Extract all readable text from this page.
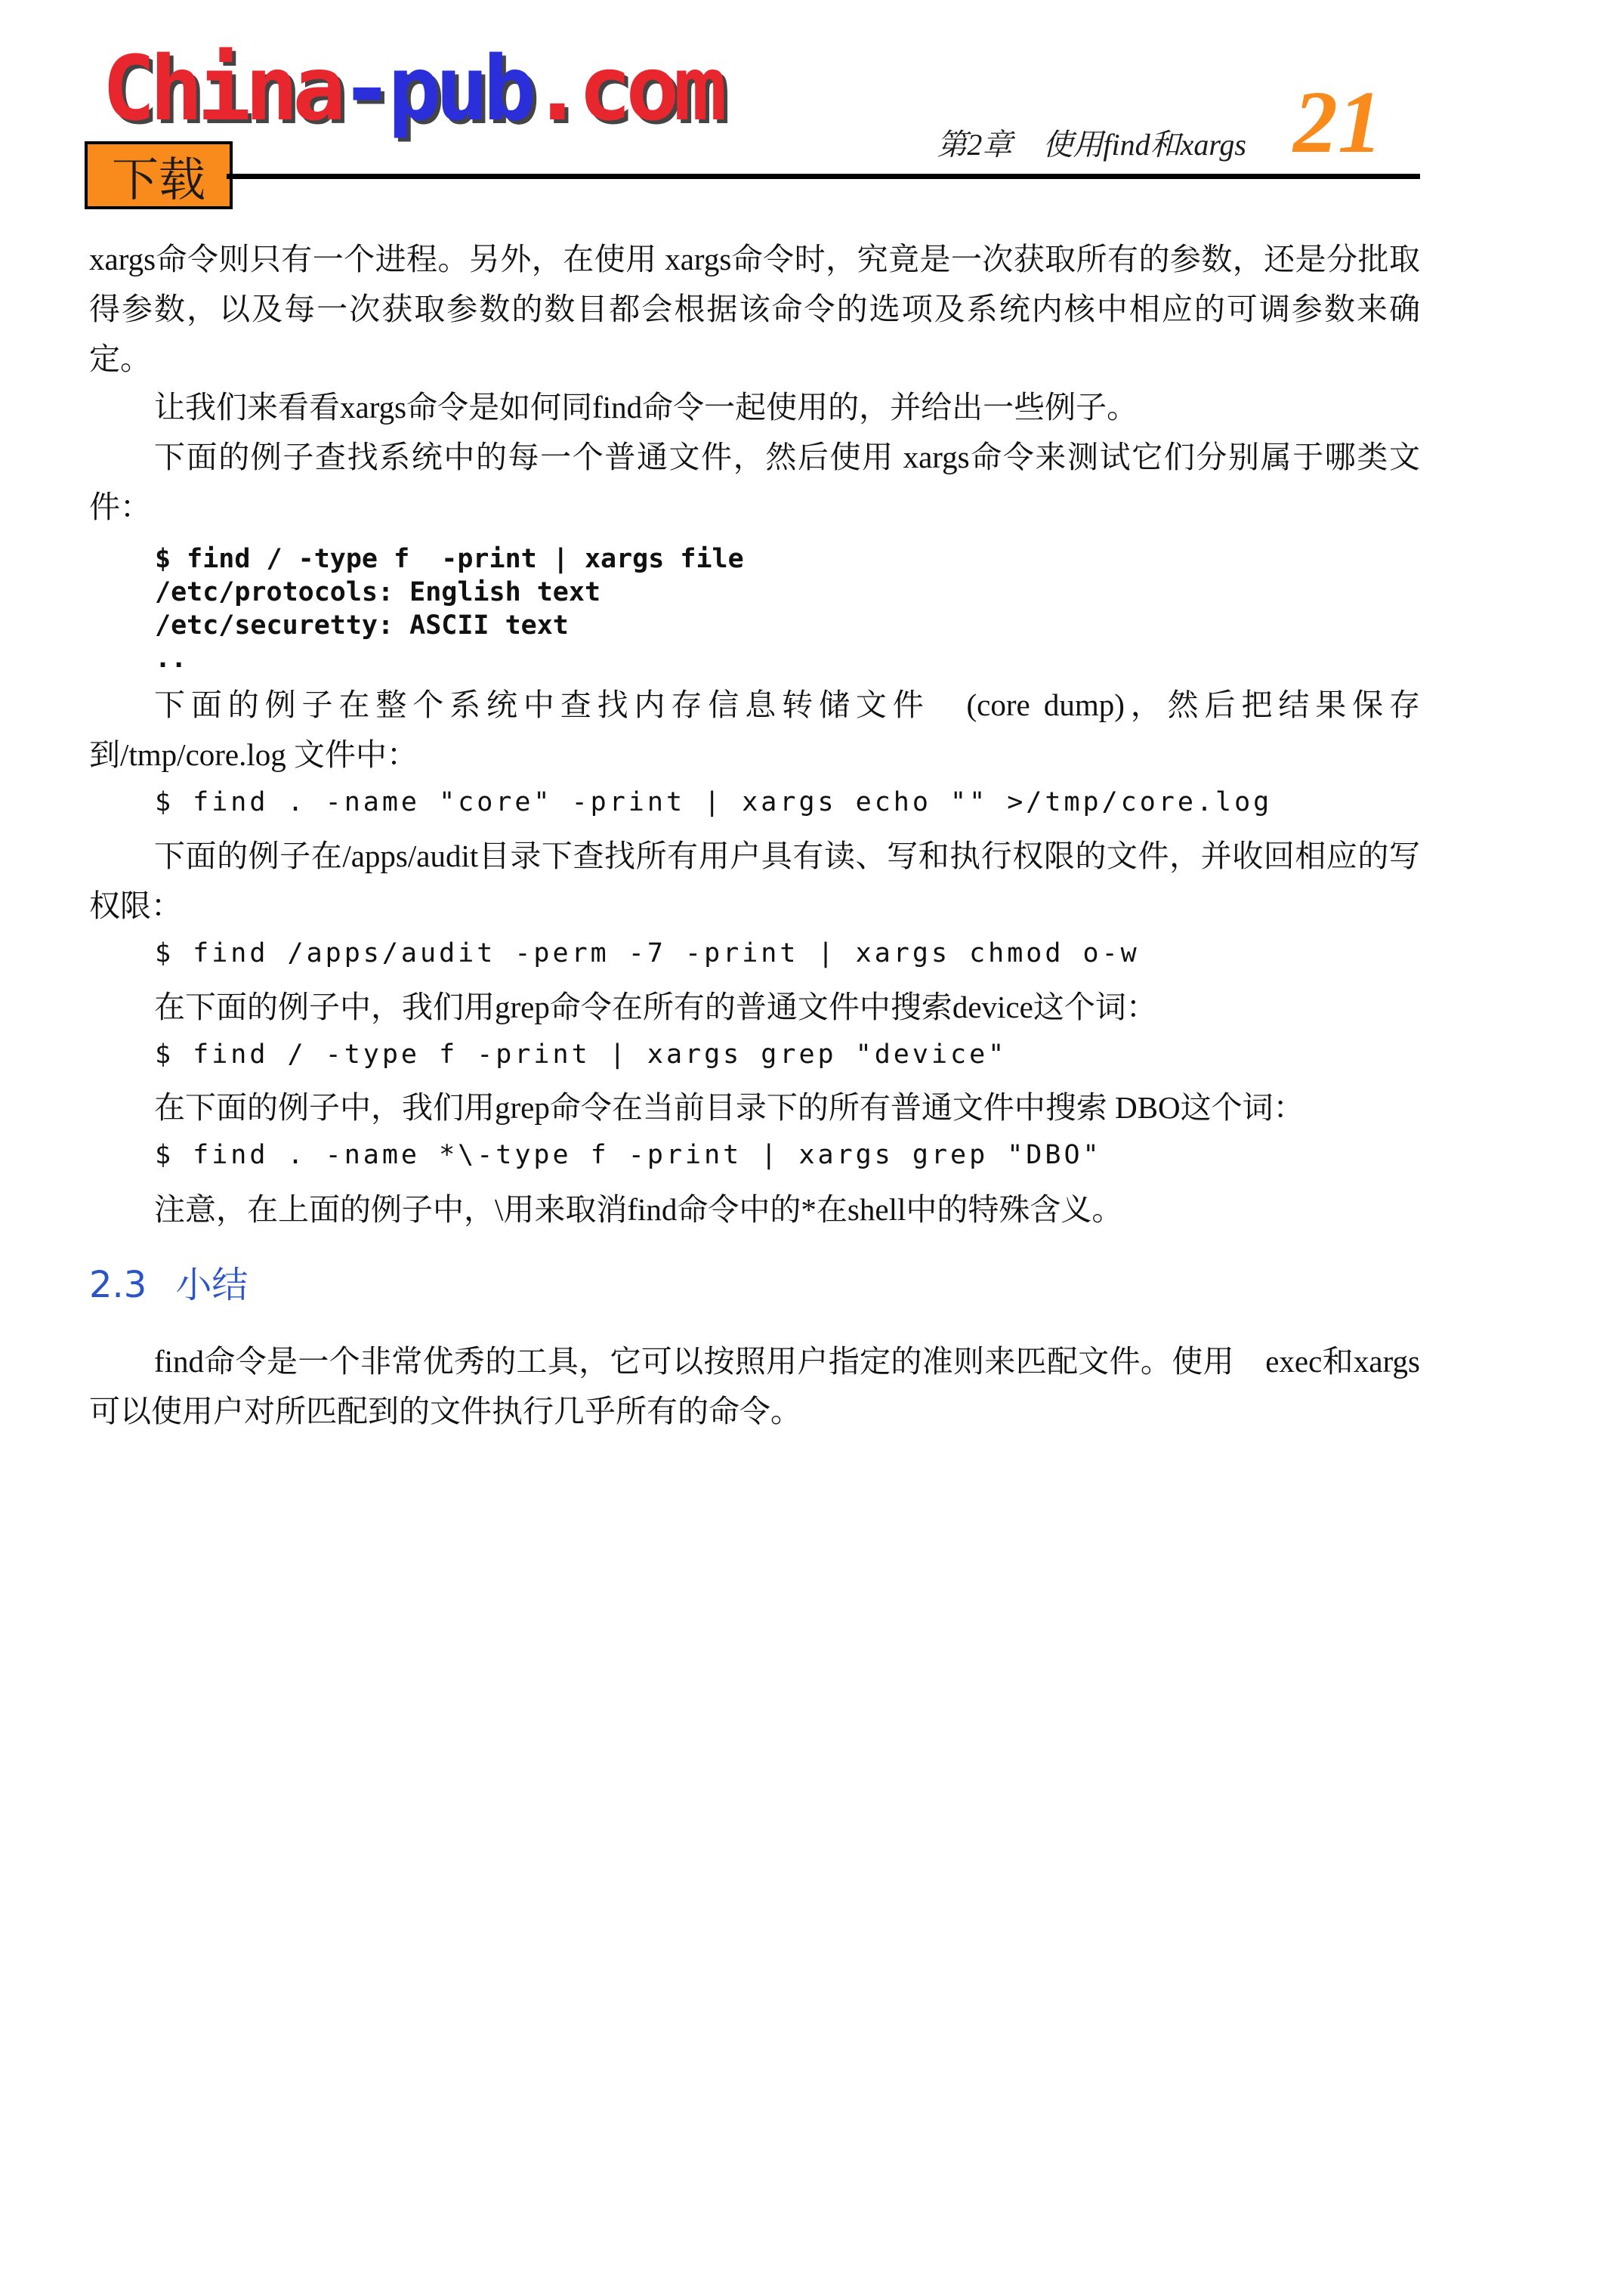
China-pub.com
下载
第2章　使用find和xargs 21

xargs命令则只有一个进程。另外，在使用 xargs命令时，究竟是一次获取所有的参数，还是分批取得参数，以及每一次获取参数的数目都会根据该命令的选项及系统内核中相应的可调参数来确定。

让我们来看看xargs命令是如何同find命令一起使用的，并给出一些例子。

下面的例子查找系统中的每一个普通文件，然后使用 xargs命令来测试它们分别属于哪类文件：

$ find / -type f  -print | xargs file
/etc/protocols: English text
/etc/securetty: ASCII text
..

下面的例子在整个系统中查找内存信息转储文件　(core dump)，然后把结果保存到/tmp/core.log 文件中：

$ find . -name "core" -print | xargs echo "" >/tmp/core.log

下面的例子在/apps/audit目录下查找所有用户具有读、写和执行权限的文件，并收回相应的写权限：

$ find /apps/audit -perm -7 -print | xargs chmod o-w

在下面的例子中，我们用grep命令在所有的普通文件中搜索device这个词：

$ find / -type f -print | xargs grep "device"

在下面的例子中，我们用grep命令在当前目录下的所有普通文件中搜索 DBO这个词：

$ find . -name *\-type f -print | xargs grep "DBO"

注意，在上面的例子中，\用来取消find命令中的*在shell中的特殊含义。

2.3 小结

find命令是一个非常优秀的工具，它可以按照用户指定的准则来匹配文件。使用　exec和xargs可以使用户对所匹配到的文件执行几乎所有的命令。
